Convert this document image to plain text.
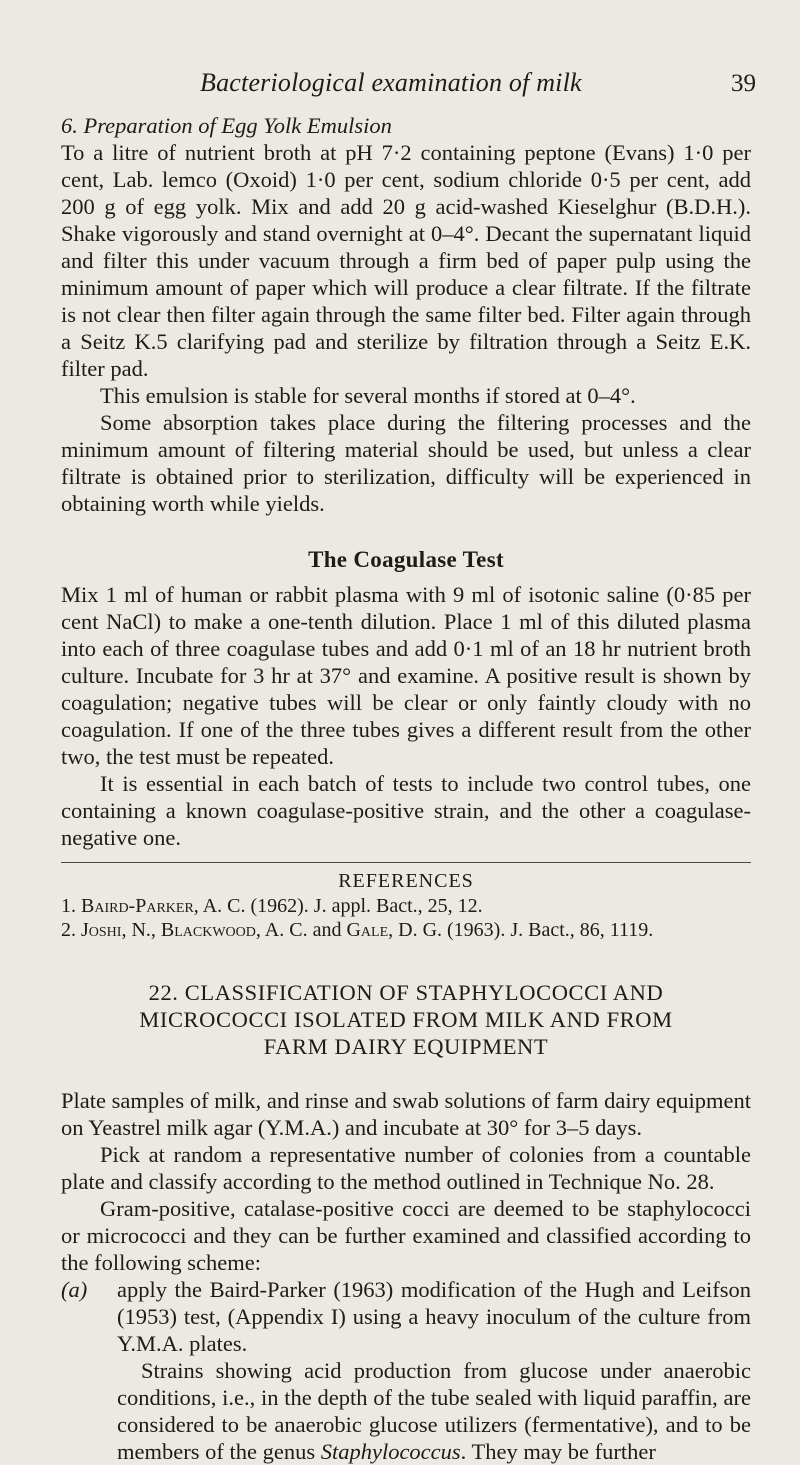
Bacteriological examination of milk	39

6. Preparation of Egg Yolk Emulsion

To a litre of nutrient broth at pH 7·2 containing peptone (Evans) 1·0 per cent, Lab. lemco (Oxoid) 1·0 per cent, sodium chloride 0·5 per cent, add 200 g of egg yolk. Mix and add 20 g acid-washed Kieselghur (B.D.H.). Shake vigorously and stand overnight at 0–4°. Decant the supernatant liquid and filter this under vacuum through a firm bed of paper pulp using the minimum amount of paper which will produce a clear filtrate. If the filtrate is not clear then filter again through the same filter bed. Filter again through a Seitz K.5 clarifying pad and sterilize by filtration through a Seitz E.K. filter pad.

This emulsion is stable for several months if stored at 0–4°.

Some absorption takes place during the filtering processes and the minimum amount of filtering material should be used, but unless a clear filtrate is obtained prior to sterilization, difficulty will be experienced in obtaining worth while yields.

The Coagulase Test

Mix 1 ml of human or rabbit plasma with 9 ml of isotonic saline (0·85 per cent NaCl) to make a one-tenth dilution. Place 1 ml of this diluted plasma into each of three coagulase tubes and add 0·1 ml of an 18 hr nutrient broth culture. Incubate for 3 hr at 37° and examine. A positive result is shown by coagulation; negative tubes will be clear or only faintly cloudy with no coagulation. If one of the three tubes gives a different result from the other two, the test must be repeated.

It is essential in each batch of tests to include two control tubes, one containing a known coagulase-positive strain, and the other a coagulase-negative one.

REFERENCES
1. Baird-Parker, A. C. (1962). J. appl. Bact., 25, 12.
2. Joshi, N., Blackwood, A. C. and Gale, D. G. (1963). J. Bact., 86, 1119.
22. CLASSIFICATION OF STAPHYLOCOCCI AND
MICROCOCCI ISOLATED FROM MILK AND FROM
FARM DAIRY EQUIPMENT

Plate samples of milk, and rinse and swab solutions of farm dairy equipment on Yeastrel milk agar (Y.M.A.) and incubate at 30° for 3–5 days.

Pick at random a representative number of colonies from a countable plate and classify according to the method outlined in Technique No. 28.

Gram-positive, catalase-positive cocci are deemed to be staphylococci or micrococci and they can be further examined and classified according to the following scheme:

(a)	apply the Baird-Parker (1963) modification of the Hugh and Leifson (1953) test, (Appendix I) using a heavy inoculum of the culture from Y.M.A. plates.

Strains showing acid production from glucose under anaerobic conditions, i.e., in the depth of the tube sealed with liquid paraffin, are considered to be anaerobic glucose utilizers (fermentative), and to be members of the genus Staphylococcus. They may be further
